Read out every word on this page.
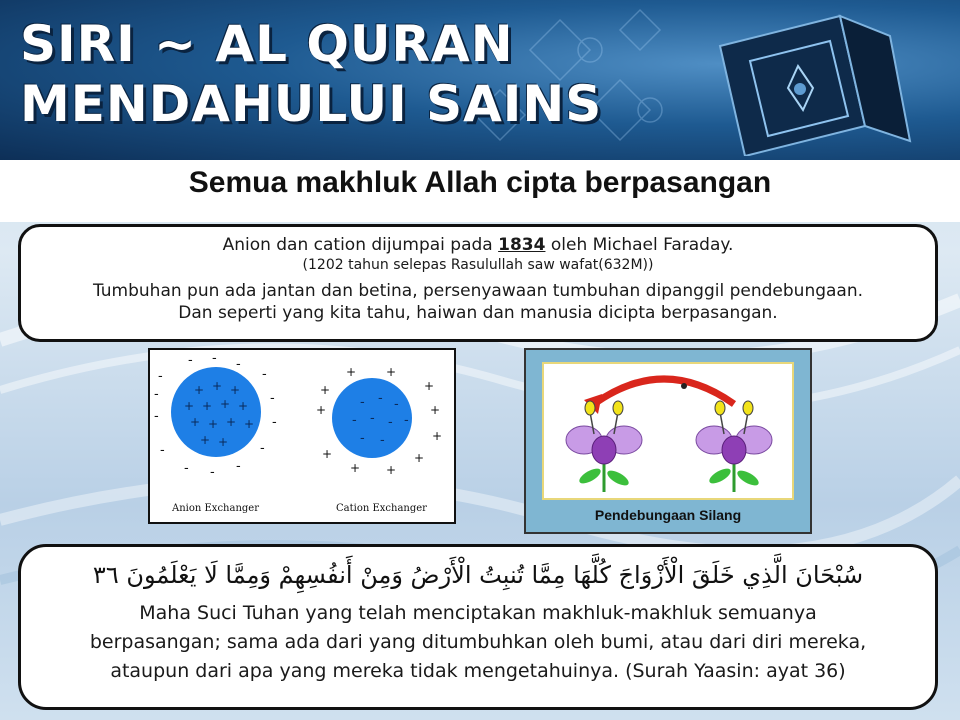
SIRI ~ AL QURAN
MENDAHULUI SAINS
Semua makhluk Allah cipta berpasangan
Anion dan cation dijumpai pada 1834 oleh Michael Faraday.
(1202 tahun selepas Rasulullah saw wafat(632M))
Tumbuhan pun ada jantan dan betina, persenyawaan tumbuhan dipanggil pendebungaan.
Dan seperti yang kita tahu, haiwan dan manusia dicipta berpasangan.
-
- - -
-
-
-
-
-
-
-
-
-
-	+ + +
+ + + +
+ + + +
+ +
+ +
+
+
+
+
+
+
+
+
+
- - -
- - - -
- -
Anion Exchanger	Cation Exchanger	Pendebungaan Silang
سُبْحَانَ الَّذِي خَلَقَ الْأَزْوَاجَ كُلَّهَا مِمَّا تُنبِتُ الْأَرْضُ وَمِنْ أَنفُسِهِمْ وَمِمَّا لَا يَعْلَمُونَ ٣٦
Maha Suci Tuhan yang telah menciptakan makhluk-makhluk semuanya
berpasangan; sama ada dari yang ditumbuhkan oleh bumi, atau dari diri mereka,
ataupun dari apa yang mereka tidak mengetahuinya. (Surah Yaasin: ayat 36)
